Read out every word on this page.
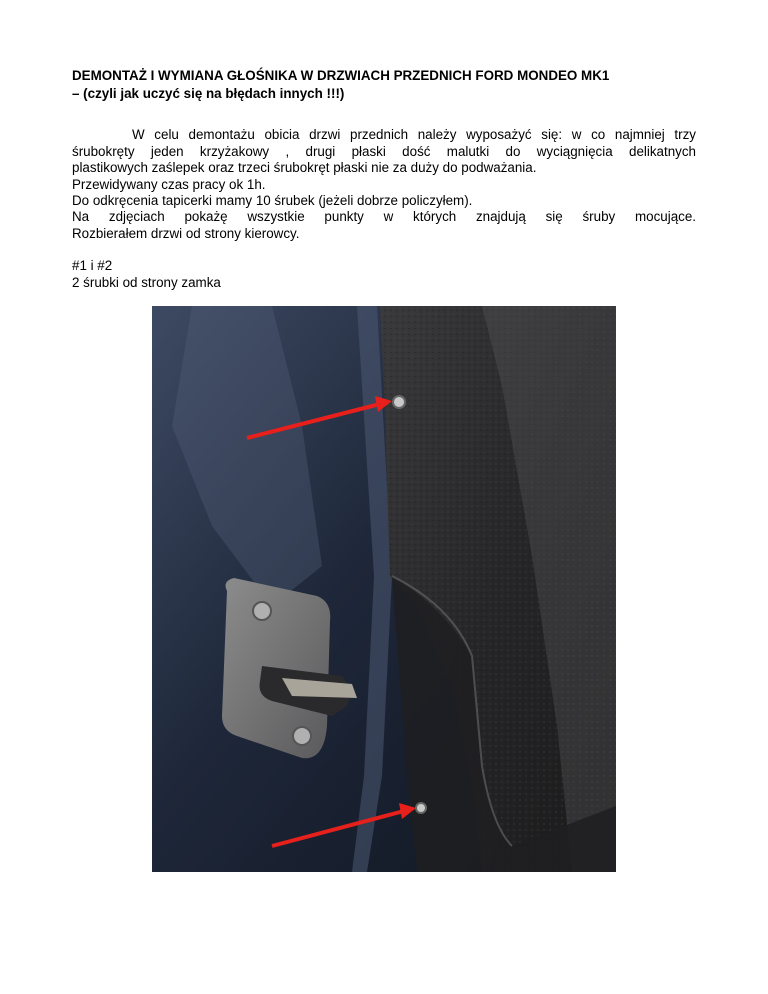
DEMONTAŻ I WYMIANA GŁOŚNIKA W DRZWIACH PRZEDNICH FORD MONDEO MK1
– (czyli jak uczyć się na błędach innych !!!)
W celu demontażu obicia drzwi przednich należy wyposażyć się: w co najmniej trzy
śrubokręty jeden krzyżakowy , drugi płaski dość malutki do wyciągnięcia delikatnych
plastikowych zaślepek oraz trzeci śrubokręt płaski nie za duży do podważania.
Przewidywany czas pracy ok 1h.
Do odkręcenia tapicerki mamy 10 śrubek (jeżeli dobrze policzyłem).
Na zdjęciach pokażę wszystkie punkty w których znajdują się śruby mocujące.
Rozbierałem drzwi od strony kierowcy.
#1 i #2
2 śrubki od strony zamka
